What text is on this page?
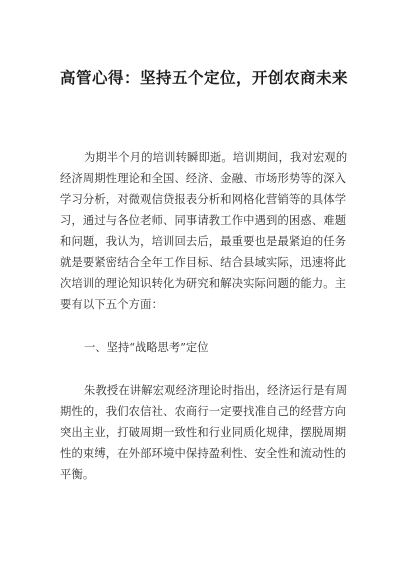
高管心得：坚持五个定位，开创农商未来
为期半个月的培训转瞬即逝。培训期间，我对宏观的
经济周期性理论和全国、经济、金融、市场形势等的深入
学习分析，对微观信贷报表分析和网格化营销等的具体学
习，通过与各位老师、同事请教工作中遇到的困惑、难题
和问题，我认为，培训回去后，最重要也是最紧迫的任务
就是要紧密结合全年工作目标、结合县域实际，迅速将此
次培训的理论知识转化为研究和解决实际问题的能力。主
要有以下五个方面：
一、坚持“战略思考”定位
朱教授在讲解宏观经济理论时指出，经济运行是有周
期性的，我们农信社、农商行一定要找准自己的经营方向
突出主业，打破周期一致性和行业同质化规律，摆脱周期
性的束缚，在外部环境中保持盈利性、安全性和流动性的
平衡。
